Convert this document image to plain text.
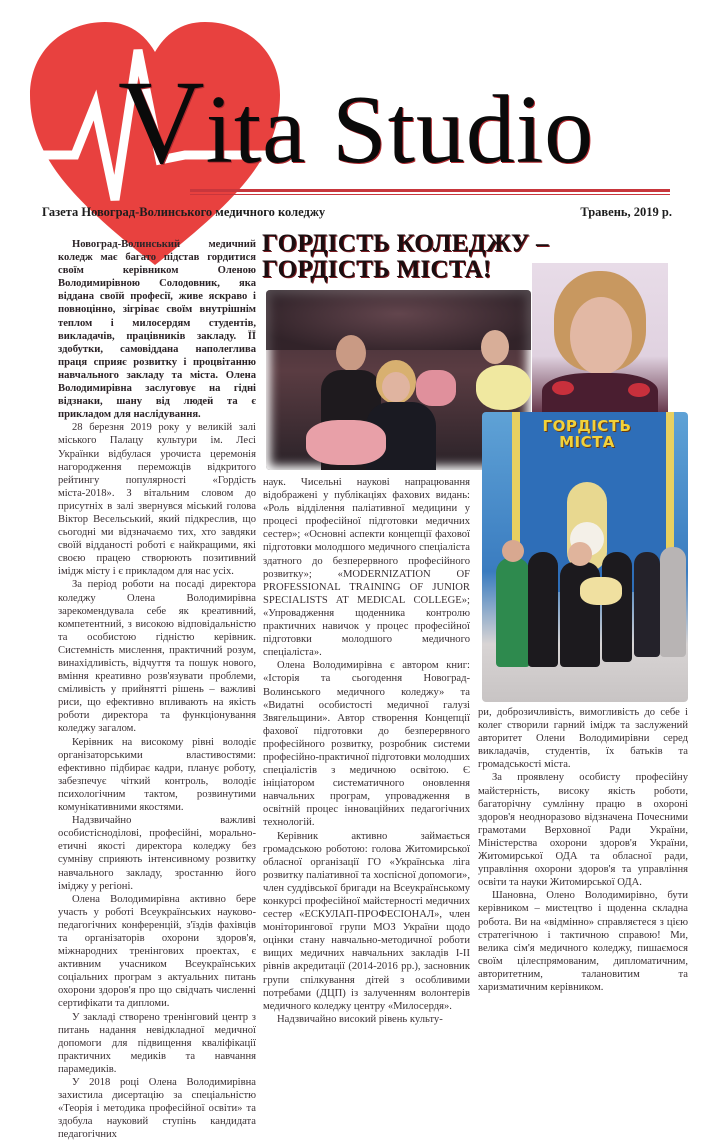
Vita Studio
Газета Новоград-Волинського медичного коледжу	Травень, 2019 р.
ГОРДІСТЬ КОЛЕДЖУ –
ГОРДІСТЬ МІСТА!
ГОРДІСТЬ
МІСТА

Новоград-Волинський медичний коледж має багато підстав гордитися своїм керівником Оленою Володимирівною Солодовник, яка віддана своїй професії, живе яскраво і повноцінно, зігріває своїм внутрішнім теплом і милосердям студентів, викладачів, працівників закладу. ЇЇ здобутки, самовіддана наполеглива праця сприяє розвитку і процвітанню навчального закладу та міста. Олена Володимирівна заслуговує на гідні відзнаки, шану від людей та є прикладом для наслідування.

28 березня 2019 року у великій залі міського Палацу культури ім. Лесі Українки відбулася урочиста церемонія нагородження переможців відкритого рейтингу популярності «Гордість міста-2018». З вітальним словом до присутніх в залі звернувся міський голова Віктор Весельський, який підкреслив, що сьогодні ми відзначаємо тих, хто завдяки своїй відданості роботі є найкращими, які своєю працею створюють позитивний імідж місту і є прикладом для нас усіх.

За період роботи на посаді директора коледжу Олена Володимирівна зарекомендувала себе як креативний, компетентний, з високою відповідальністю та особистою гідністю керівник. Системність мислення, практичний розум, винахідливість, відчуття та пошук нового, вміння креативно розв'язувати проблеми, сміливість у прийнятті рішень – важливі риси, що ефективно впливають на якість роботи директора та функціонування коледжу загалом.

Керівник на високому рівні володіє організаторськими властивостями: ефективно підбирає кадри, планує роботу, забезпечує чіткий контроль, володіє психологічним тактом, розвинутими комунікативними якостями.

Надзвичайно важливі особистісноділові, професійні, морально-етичні якості директора коледжу без сумніву сприяють інтенсивному розвитку навчального закладу, зростанню його іміджу у регіоні.

Олена Володимирівна активно бере участь у роботі Всеукраїнських науково-педагогічних конференцій, з'їздів фахівців та організаторів охорони здоров'я, міжнародних тренінгових проектах, є активним учасником Всеукраїнських соціальних програм з актуальних питань охорони здоров'я про що свідчать численні сертифікати та дипломи.

У закладі створено тренінговий центр з питань надання невідкладної медичної допомоги для підвищення кваліфікації практичних медиків та навчання парамедиків.

У 2018 році Олена Володимирівна захистила дисертацію за спеціальністю «Теорія і методика професійної освіти» та здобула науковий ступінь кандидата педагогічних

наук. Чисельні наукові напрацювання відображені у публікаціях фахових видань: «Роль відділення паліативної медицини у процесі професійної підготовки медичних сестер»; «Основні аспекти концепції фахової підготовки молодшого медичного спеціаліста здатного до безперервного професійного розвитку»; «MODERNIZATION OF PROFESSIONAL TRAINING OF JUNIOR SPECIALISTS AT MEDICAL COLLEGE»; «Упровадження щоденника контролю практичних навичок у процес професійної підготовки молодшого медичного спеціаліста».

Олена Володимирівна є автором книг: «Історія та сьогодення Новоград-Волинського медичного коледжу» та «Видатні особистості медичної галузі Звягельщини». Автор створення Концепції фахової підготовки до безперервного професійного розвитку, розробник системи професійно-практичної підготовки молодших спеціалістів з медичною освітою. Є ініціатором систематичного оновлення навчальних програм, упровадження в освітній процес інноваційних педагогічних технологій.

Керівник активно займається громадською роботою: голова Житомирської обласної організації ГО «Українська ліга розвитку паліативної та хоспісної допомоги», член суддівської бригади на Всеукраїнському конкурсі професійної майстерності медичних сестер «ЕСКУЛАП-ПРОФЕСІОНАЛ», член моніторингової групи МОЗ України щодо оцінки стану навчально-методичної роботи вищих медичних навчальних закладів І-ІІ рівнів акредитації (2014-2016 рр.), засновник групи спілкування дітей з особливими потребами (ДЦП) із залученням волонтерів медичного коледжу центру «Милосердя».

Надзвичайно високий рівень культу-

ри, доброзичливість, вимогливість до себе і колег створили гарний імідж та заслужений авторитет Олени Володимирівни серед викладачів, студентів, їх батьків та громадськості міста.

За проявлену особисту професійну майстерність, високу якість роботи, багаторічну сумлінну працю в охороні здоров'я неодноразово відзначена Почесними грамотами Верховної Ради України, Міністерства охорони здоров'я України, Житомирської ОДА та обласної ради, управління охорони здоров'я та управління освіти та науки Житомирської ОДА.

Шановна, Олено Володимирівно, бути керівником – мистецтво і щоденна складна робота. Ви на «відмінно» справляєтеся з цією стратегічною і тактичною справою! Ми, велика сім'я медичного коледжу, пишаємося своїм цілеспрямованим, дипломатичним, авторитетним, талановитим та харизматичним керівником.
